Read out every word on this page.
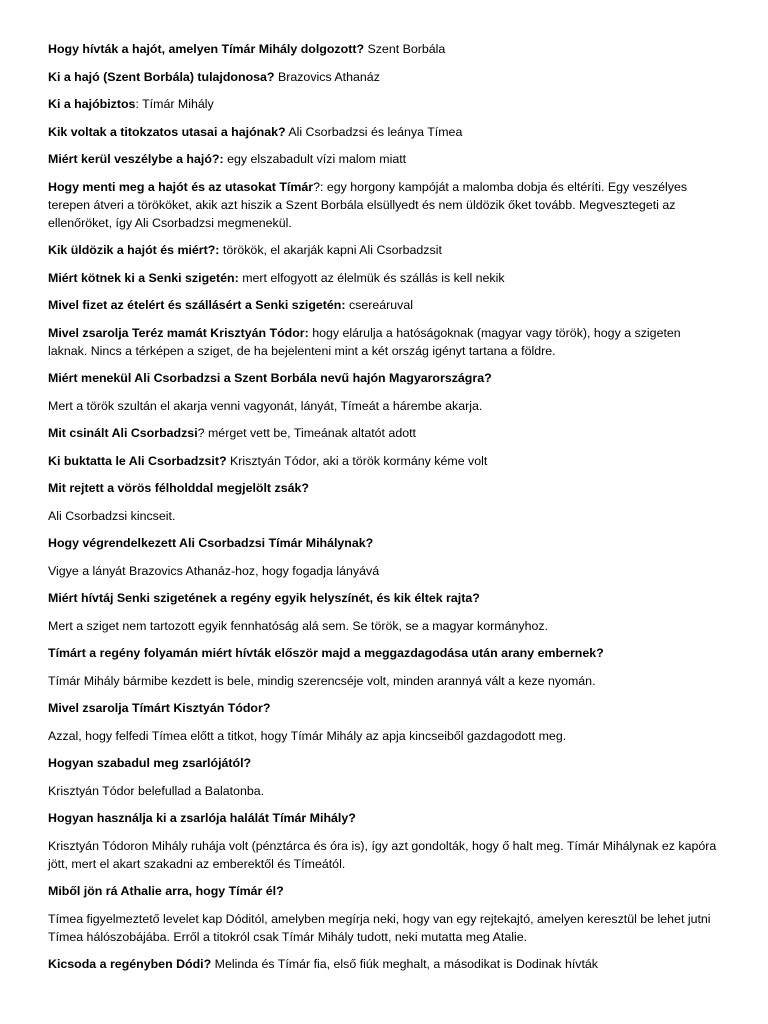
Hogy hívták a hajót, amelyen Tímár Mihály dolgozott? Szent Borbála

Ki a hajó (Szent Borbála) tulajdonosa? Brazovics Athanáz

Ki a hajóbiztos: Tímár Mihály

Kik voltak a titokzatos utasai a hajónak? Ali Csorbadzsi és leánya Tímea

Miért kerül veszélybe a hajó?: egy elszabadult vízi malom miatt

Hogy menti meg a hajót és az utasokat Tímár?: egy horgony kampóját a malomba dobja és eltéríti. Egy veszélyes terepen átveri a törököket, akik azt hiszik a Szent Borbála elsüllyedt és nem üldözik őket tovább. Megvesztegeti az ellenőröket, így Ali Csorbadzsi megmenekül.

Kik üldözik a hajót és miért?: törökök, el akarják kapni Ali Csorbadzsit

Miért kötnek ki a Senki szigetén: mert elfogyott az élelmük és szállás is kell nekik

Mivel fizet az ételért és szállásért a Senki szigetén: csereáruval

Mivel zsarolja Teréz mamát Krisztyán Tódor: hogy elárulja a hatóságoknak (magyar vagy török), hogy a szigeten laknak. Nincs a térképen a sziget, de ha bejelenteni mint a két ország igényt tartana a földre.

Miért menekül Ali Csorbadzsi a Szent Borbála nevű hajón Magyarországra?

Mert a török szultán el akarja venni vagyonát, lányát, Tímeát a hárembe akarja.

Mit csinált Ali Csorbadzsi? mérget vett be, Timeának altatót adott

Ki buktatta le Ali Csorbadzsit? Krisztyán Tódor, aki a török kormány kéme volt

Mit rejtett a vörös félholddal megjelölt zsák?

Ali Csorbadzsi kincseit.

Hogy végrendelkezett Ali Csorbadzsi Tímár Mihálynak?

Vigye a lányát Brazovics Athanáz-hoz, hogy fogadja lányává

Miért hívtáj Senki szigetének a regény egyik helyszínét, és kik éltek rajta?

Mert a sziget nem tartozott egyik fennhatóság alá sem. Se török, se a magyar kormányhoz.

Tímárt a regény folyamán miért hívták először majd a meggazdagodása után arany embernek?

Tímár Mihály bármibe kezdett is bele, mindig szerencséje volt, minden arannyá vált a keze nyomán.

Mivel zsarolja Tímárt Kisztyán Tódor?

Azzal, hogy felfedi Tímea előtt a titkot, hogy Tímár Mihály az apja kincseiből gazdagodott meg.

Hogyan szabadul meg zsarlójától?

Krisztyán Tódor belefullad a Balatonba.

Hogyan használja ki a zsarlója halálát Tímár Mihály?

Krisztyán Tódoron Mihály ruhája volt (pénztárca és óra is), így azt gondolták, hogy ő halt meg. Tímár Mihálynak ez kapóra jött, mert el akart szakadni az emberektől és Tímeától.

Miből jön rá Athalie arra, hogy Tímár él?

Tímea figyelmeztető levelet kap Dóditól, amelyben megírja neki, hogy van egy rejtekajtó, amelyen keresztül be lehet jutni Tímea hálószobájába. Erről a titokról csak Tímár Mihály tudott, neki mutatta meg Atalie.

Kicsoda a regényben Dódi? Melinda és Tímár fia, első fiúk meghalt, a másodikat is Dodinak hívták
